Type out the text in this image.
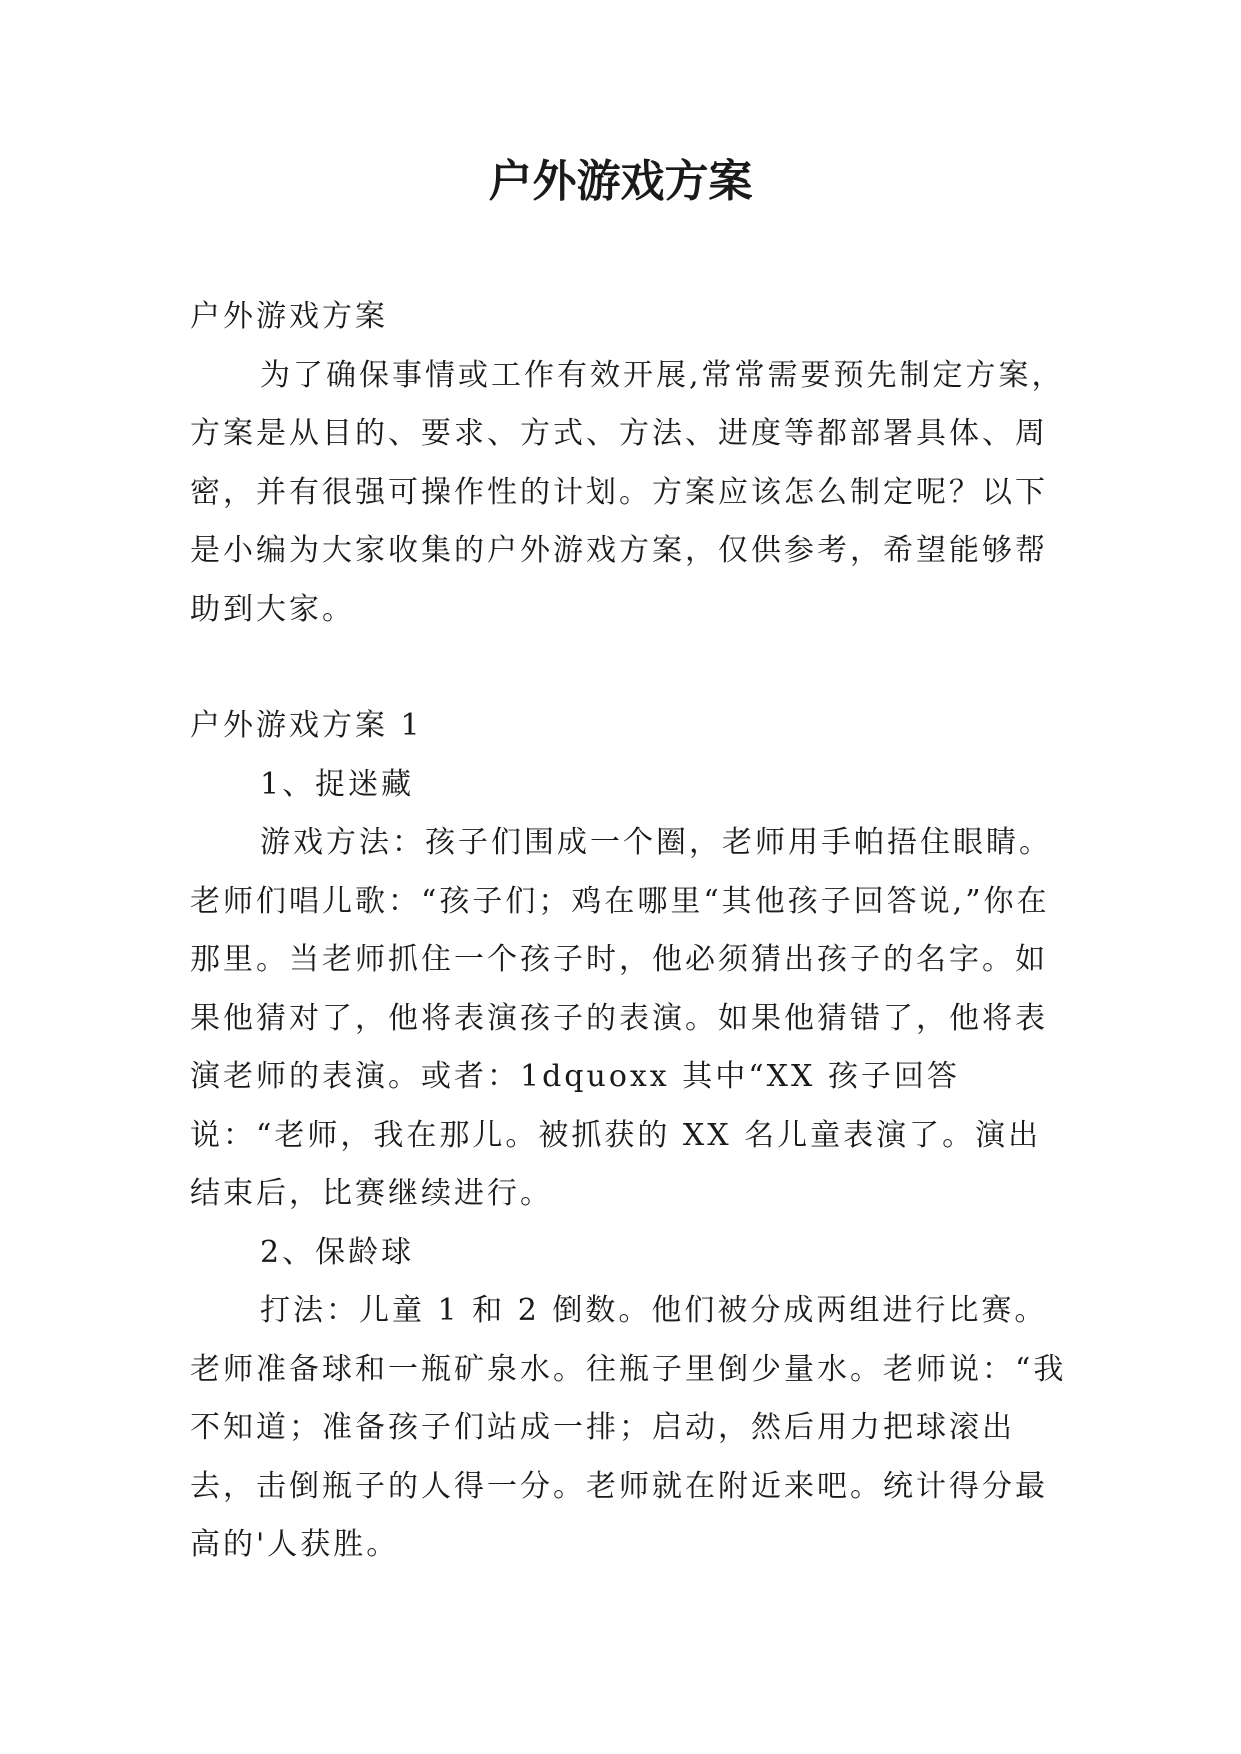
户外游戏方案

户外游戏方案

为了确保事情或工作有效开展,常常需要预先制定方案，方案是从目的、要求、方式、方法、进度等都部署具体、周密，并有很强可操作性的计划。方案应该怎么制定呢？以下是小编为大家收集的户外游戏方案，仅供参考，希望能够帮助到大家。

户外游戏方案 1

1、捉迷藏

游戏方法：孩子们围成一个圈，老师用手帕捂住眼睛。老师们唱儿歌：“孩子们；鸡在哪里“其他孩子回答说,”你在那里。当老师抓住一个孩子时，他必须猜出孩子的名字。如果他猜对了，他将表演孩子的表演。如果他猜错了，他将表演老师的表演。或者：1dquoxx 其中“XX 孩子回答说：“老师，我在那儿。被抓获的 XX 名儿童表演了。演出结束后，比赛继续进行。

2、保龄球

打法：儿童 1 和 2 倒数。他们被分成两组进行比赛。老师准备球和一瓶矿泉水。往瓶子里倒少量水。老师说：“我不知道；准备孩子们站成一排；启动，然后用力把球滚出去，击倒瓶子的人得一分。老师就在附近来吧。统计得分最高的'人获胜。
